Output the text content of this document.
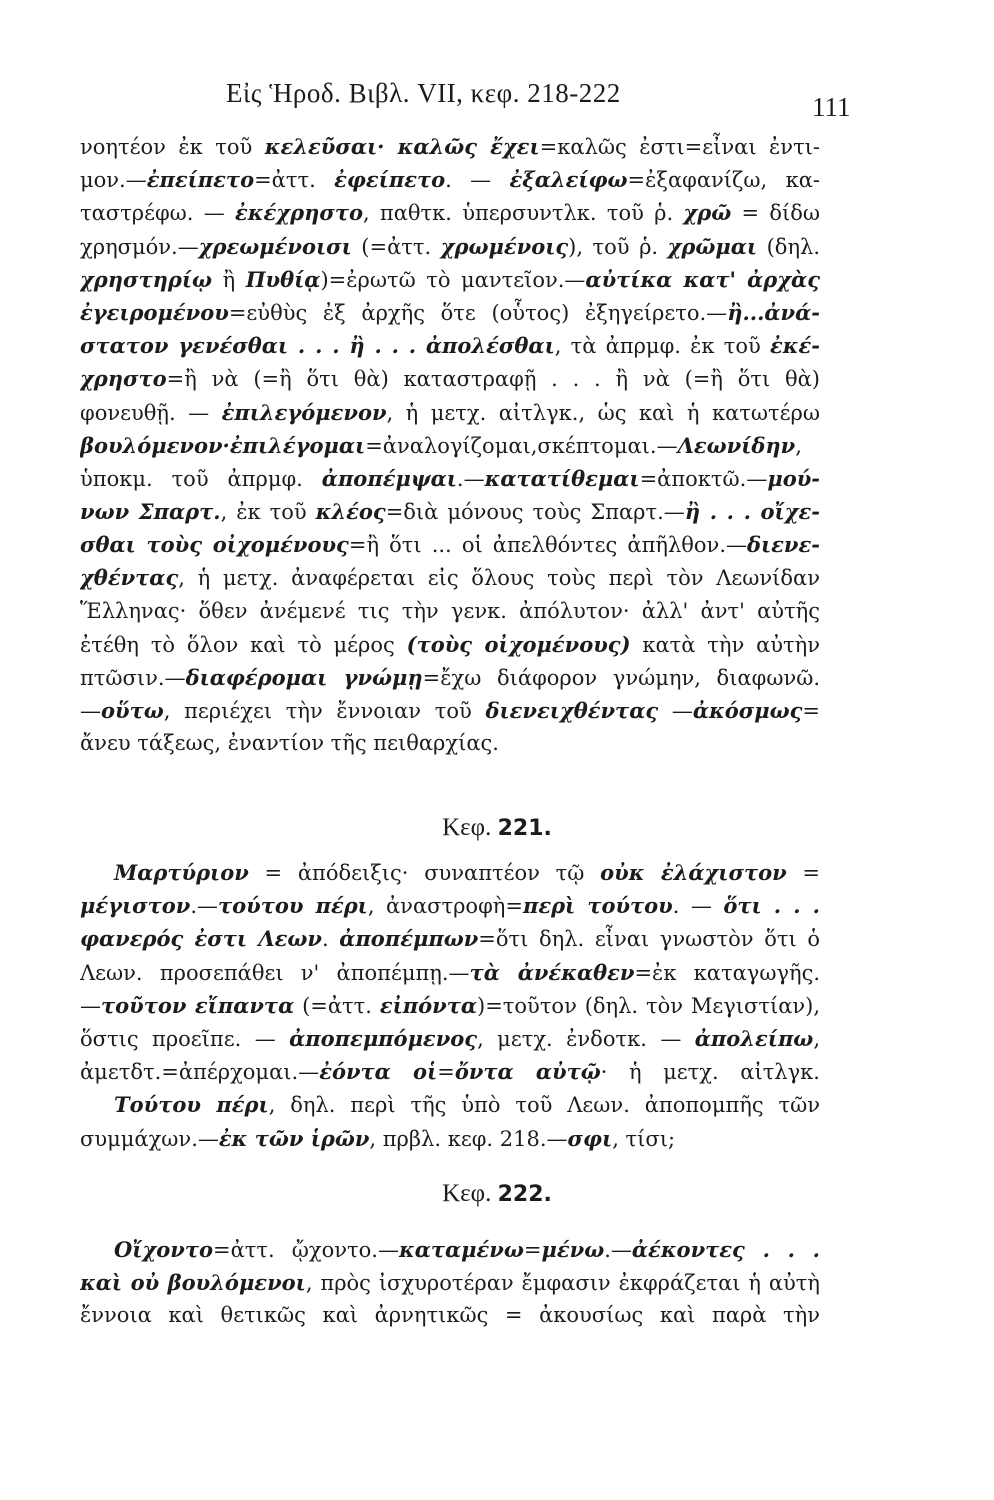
Εἰς Ἡροδ. Βιβλ. VII, κεφ. 218-222	111
νοητέον ἐκ τοῦ κελεῦσαι· καλῶς ἔχει=καλῶς ἐστι=εἶναι ἐντι-
μον.—ἐπείπετο=ἀττ. ἐφείπετο. — ἐξαλείφω=ἐξαφανίζω, κα-
ταστρέφω. — ἐκέχρηστο, παθτκ. ὑπερσυντλκ. τοῦ ῥ. χρῶ = δίδω
χρησμόν.—χρεωμένοισι (=ἀττ. χρωμένοις), τοῦ ῥ. χρῶμαι (δηλ.
χρηστηρίῳ ἢ Πυθίᾳ)=ἐρωτῶ τὸ μαντεῖον.—αὐτίκα κατ' ἀρχὰς
ἐγειρομένου=εὐθὺς ἐξ ἀρχῆς ὅτε (οὗτος) ἐξηγείρετο.—ἢ...ἀνά-
στατον γενέσθαι . . . ἢ . . . ἀπολέσθαι, τὰ ἀπρμφ. ἐκ τοῦ ἐκέ-
χρηστο=ἢ νὰ (=ἢ ὅτι θὰ) καταστραφῇ . . . ἢ νὰ (=ἢ ὅτι θὰ)
φονευθῇ. — ἐπιλεγόμενον, ἡ μετχ. αἰτλγκ., ὡς καὶ ἡ κατωτέρω
βουλόμενον·ἐπιλέγομαι=ἀναλογίζομαι,σκέπτομαι.—Λεωνίδην,
ὑποκμ. τοῦ ἀπρμφ. ἀποπέμψαι.—κατατίθεμαι=ἀποκτῶ.—μού-
νων Σπαρτ., ἐκ τοῦ κλέος=διὰ μόνους τοὺς Σπαρτ.—ἢ . . . οἴχε-
σθαι τοὺς οἰχομένους=ἢ ὅτι ... οἱ ἀπελθόντες ἀπῆλθον.—διενε-
χθέντας, ἡ μετχ. ἀναφέρεται εἰς ὅλους τοὺς περὶ τὸν Λεωνίδαν
Ἕλληνας· ὅθεν ἀνέμενέ τις τὴν γενκ. ἀπόλυτον· ἀλλ' ἀντ' αὐτῆς
ἐτέθη τὸ ὅλον καὶ τὸ μέρος (τοὺς οἰχομένους) κατὰ τὴν αὐτὴν
πτῶσιν.—διαφέρομαι γνώμῃ=ἔχω διάφορον γνώμην, διαφωνῶ.
—οὕτω, περιέχει τὴν ἔννοιαν τοῦ διενειχθέντας —ἀκόσμως=
ἄνευ τάξεως, ἐναντίον τῆς πειθαρχίας.
Κεφ. 221.
Μαρτύριον = ἀπόδειξις· συναπτέον τῷ οὐκ ἐλάχιστον =
μέγιστον.—τούτου πέρι, ἀναστροφὴ=περὶ τούτου. — ὅτι . . .
φανερός ἐστι Λεων. ἀποπέμπων=ὅτι δηλ. εἶναι γνωστὸν ὅτι ὁ
Λεων. προσεπάθει ν' ἀποπέμπῃ.—τὰ ἀνέκαθεν=ἐκ καταγωγῆς.
—τοῦτον εἴπαντα (=ἀττ. εἰπόντα)=τοῦτον (δηλ. τὸν Μεγιστίαν),
ὅστις προεῖπε. — ἀποπεμπόμενος, μετχ. ἐνδοτκ. — ἀπολείπω,
ἀμετδτ.=ἀπέρχομαι.—ἐόντα οἱ=ὄντα αὐτῷ· ἡ μετχ. αἰτλγκ.
Τούτου πέρι, δηλ. περὶ τῆς ὑπὸ τοῦ Λεων. ἀποπομπῆς τῶν
συμμάχων.—ἐκ τῶν ἱρῶν, πρβλ. κεφ. 218.—σφι, τίσι;
Κεφ. 222.
Οἴχοντο=ἀττ. ᾤχοντο.—καταμένω=μένω.—ἀέκοντες . . .
καὶ οὐ βουλόμενοι, πρὸς ἰσχυροτέραν ἔμφασιν ἐκφράζεται ἡ αὐτὴ
ἔννοια καὶ θετικῶς καὶ ἀρνητικῶς = ἀκουσίως καὶ παρὰ τὴν
